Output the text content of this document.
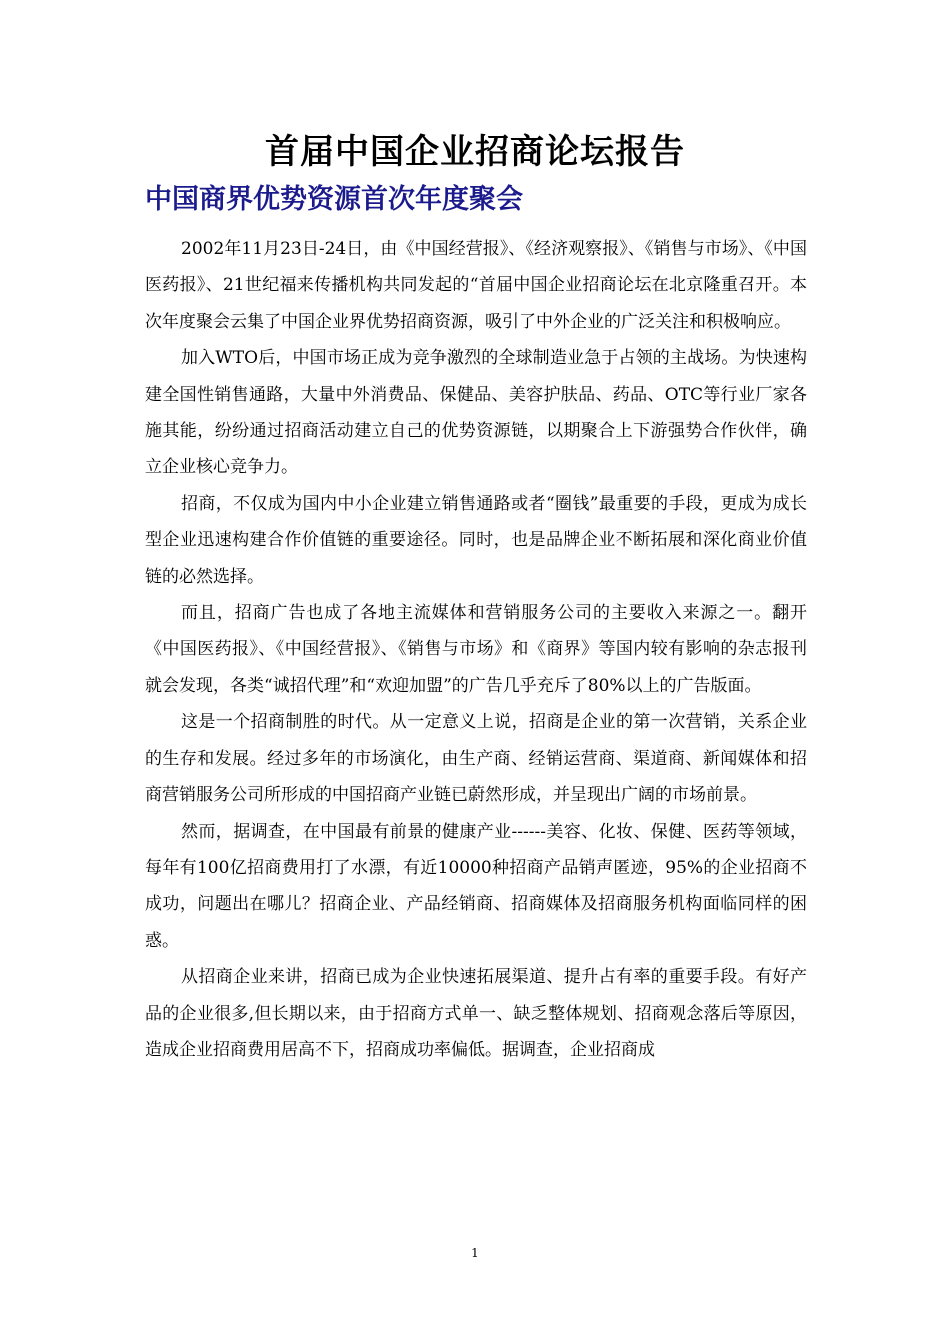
首届中国企业招商论坛报告
中国商界优势资源首次年度聚会

2002年11月23日-24日，由《中国经营报》、《经济观察报》、《销售与市场》、《中国医药报》、21世纪福来传播机构共同发起的“首届中国企业招商论坛在北京隆重召开。本次年度聚会云集了中国企业界优势招商资源，吸引了中外企业的广泛关注和积极响应。

加入WTO后，中国市场正成为竞争激烈的全球制造业急于占领的主战场。为快速构建全国性销售通路，大量中外消费品、保健品、美容护肤品、药品、OTC等行业厂家各施其能，纷纷通过招商活动建立自己的优势资源链，以期聚合上下游强势合作伙伴，确立企业核心竞争力。

招商，不仅成为国内中小企业建立销售通路或者“圈钱”最重要的手段，更成为成长型企业迅速构建合作价值链的重要途径。同时，也是品牌企业不断拓展和深化商业价值链的必然选择。

而且，招商广告也成了各地主流媒体和营销服务公司的主要收入来源之一。翻开《中国医药报》、《中国经营报》、《销售与市场》和《商界》等国内较有影响的杂志报刊就会发现，各类“诚招代理”和“欢迎加盟”的广告几乎充斥了80%以上的广告版面。

这是一个招商制胜的时代。从一定意义上说，招商是企业的第一次营销，关系企业的生存和发展。经过多年的市场演化，由生产商、经销运营商、渠道商、新闻媒体和招商营销服务公司所形成的中国招商产业链已蔚然形成，并呈现出广阔的市场前景。

然而，据调查，在中国最有前景的健康产业------美容、化妆、保健、医药等领域，每年有100亿招商费用打了水漂，有近10000种招商产品销声匿迹，95%的企业招商不成功，问题出在哪儿？招商企业、产品经销商、招商媒体及招商服务机构面临同样的困惑。

从招商企业来讲，招商已成为企业快速拓展渠道、提升占有率的重要手段。有好产品的企业很多,但长期以来，由于招商方式单一、缺乏整体规划、招商观念落后等原因，造成企业招商费用居高不下，招商成功率偏低。据调查，企业招商成

1
